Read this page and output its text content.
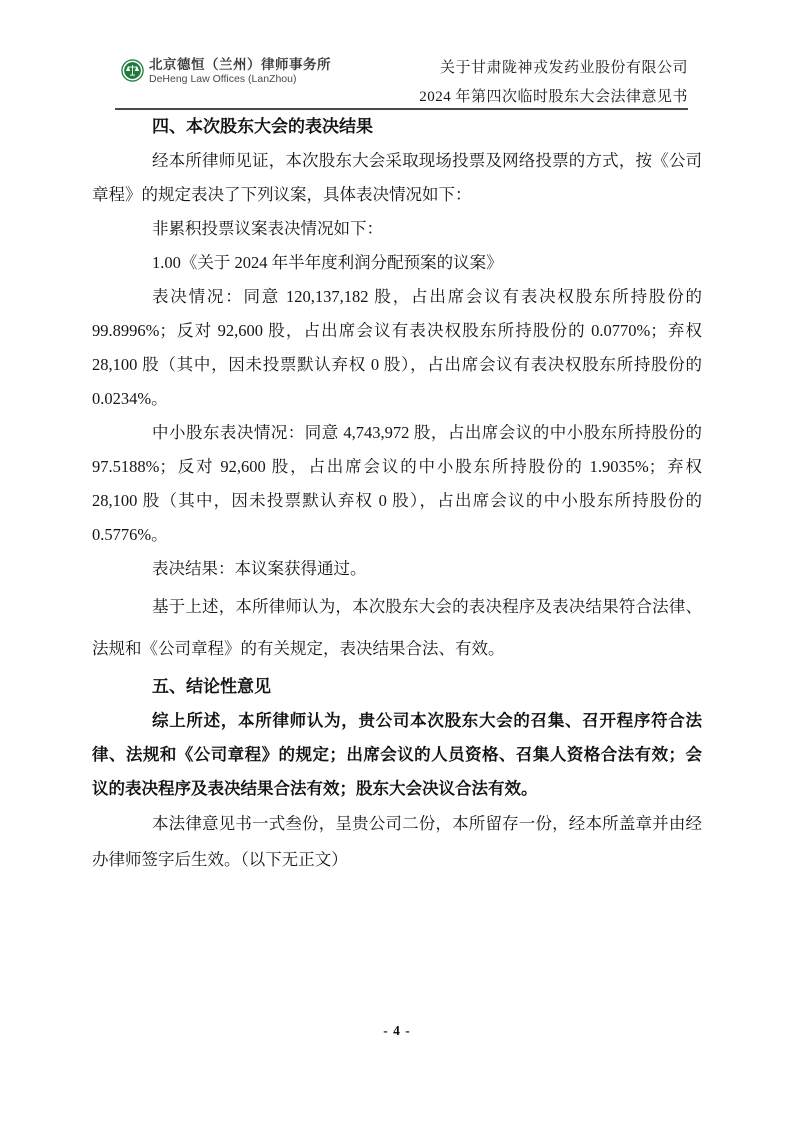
北京德恒（兰州）律师事务所
DeHeng Law Offices (LanZhou)
关于甘肃陇神戎发药业股份有限公司
2024 年第四次临时股东大会法律意见书
四、本次股东大会的表决结果

经本所律师见证，本次股东大会采取现场投票及网络投票的方式，按《公司章程》的规定表决了下列议案，具体表决情况如下：

非累积投票议案表决情况如下：

1.00《关于 2024 年半年度利润分配预案的议案》

表决情况：同意 120,137,182 股，占出席会议有表决权股东所持股份的 99.8996%；反对 92,600 股，占出席会议有表决权股东所持股份的 0.0770%；弃权 28,100 股（其中，因未投票默认弃权 0 股），占出席会议有表决权股东所持股份的 0.0234%。

中小股东表决情况：同意 4,743,972 股，占出席会议的中小股东所持股份的 97.5188%；反对 92,600 股，占出席会议的中小股东所持股份的 1.9035%；弃权 28,100 股（其中，因未投票默认弃权 0 股），占出席会议的中小股东所持股份的 0.5776%。

表决结果：本议案获得通过。

基于上述，本所律师认为，本次股东大会的表决程序及表决结果符合法律、法规和《公司章程》的有关规定，表决结果合法、有效。

五、结论性意见

综上所述，本所律师认为，贵公司本次股东大会的召集、召开程序符合法律、法规和《公司章程》的规定；出席会议的人员资格、召集人资格合法有效；会议的表决程序及表决结果合法有效；股东大会决议合法有效。

本法律意见书一式叁份，呈贵公司二份，本所留存一份，经本所盖章并由经办律师签字后生效。（以下无正文）

- 4 -
